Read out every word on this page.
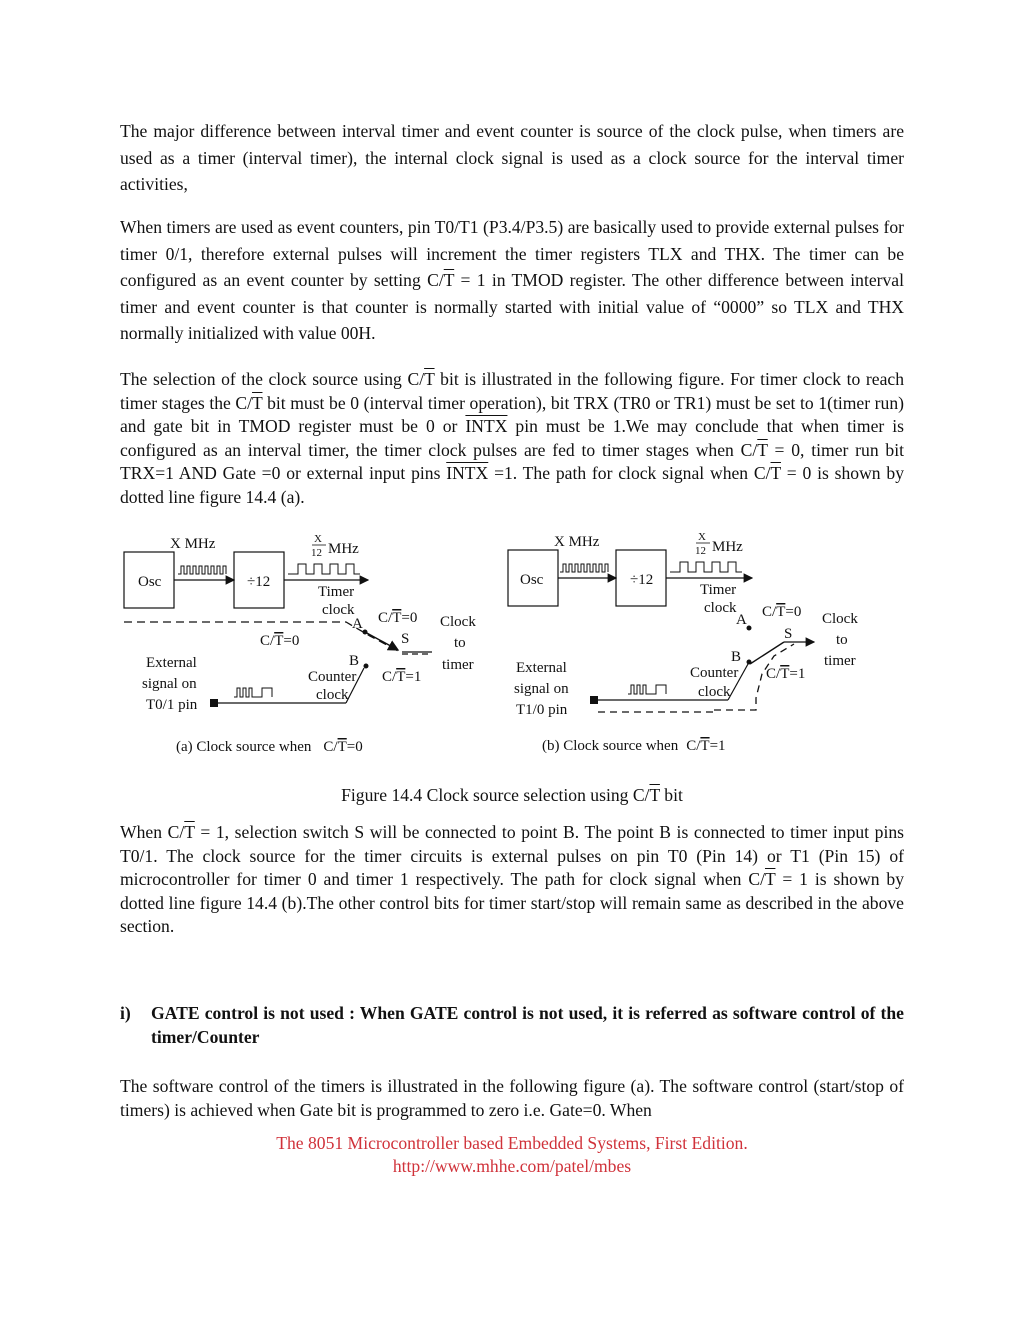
The major difference between interval timer and event counter is source of the clock pulse, when timers are used as a timer (interval timer), the internal clock signal is used as a clock source for the interval timer activities,

When timers are used as event counters, pin T0/T1 (P3.4/P3.5) are basically used to provide external pulses for timer 0/1, therefore external pulses will increment the timer registers TLX and THX. The timer can be configured as an event counter by setting $C/\overline{T} = 1$ in TMOD register. The other difference between interval timer and event counter is that counter is normally started with initial value of “0000” so TLX and THX normally initialized with value 00H.

The selection of the clock source using $C/\overline{T}$ bit is illustrated in the following figure. For timer clock to reach timer stages the $C/\overline{T}$ bit must be 0 (interval timer operation), bit TRX (TR0 or TR1) must be set to 1(timer run) and gate bit in TMOD register must be 0 or INTX pin must be 1.We may conclude that when timer is configured as an interval timer, the timer clock pulses are fed to timer stages when $C/\overline{T} = 0$, timer run bit TRX=1 AND Gate =0 or external input pins INTX =1. The path for clock signal when $C/\overline{T} = 0$ is shown by dotted line figure 14.4 (a).

Figure 14.4 Clock source selection using $C/\overline{T}$ bit

When $C/\overline{T} = 1$, selection switch S will be connected to point B. The point B is connected to timer input pins T0/1. The clock source for the timer circuits is external pulses on pin T0 (Pin 14) or T1 (Pin 15) of microcontroller for timer 0 and timer 1 respectively. The path for clock signal when $C/\overline{T} = 1$ is shown by dotted line figure 14.4 (b).The other control bits for timer start/stop will remain same as described in the above section.

i) GATE control is not used : When GATE control is not used, it is referred as software control of the timer/Counter

The software control of the timers is illustrated in the following figure (a). The software control (start/stop of timers) is achieved when Gate bit is programmed to zero i.e. Gate=0. When

X MHz
Osc	÷12
X
12 MHz
Timer
clock
A C/T=0
S
Clock
to
timer
C/T=0
External
signal on
T0/1 pin
B
Counter
clock
C/T=1
(a) Clock source when C/T=0
X MHz
Osc	÷12
X
12 MHz
Timer
clock
A C/T=0
S
Clock
to
timer
C/T=1
External
signal on
T1/0 pin
B
Counter
clock
(b) Clock source when C/T=1
The 8051 Microcontroller based Embedded Systems, First Edition.
http://www.mhhe.com/patel/mbes
